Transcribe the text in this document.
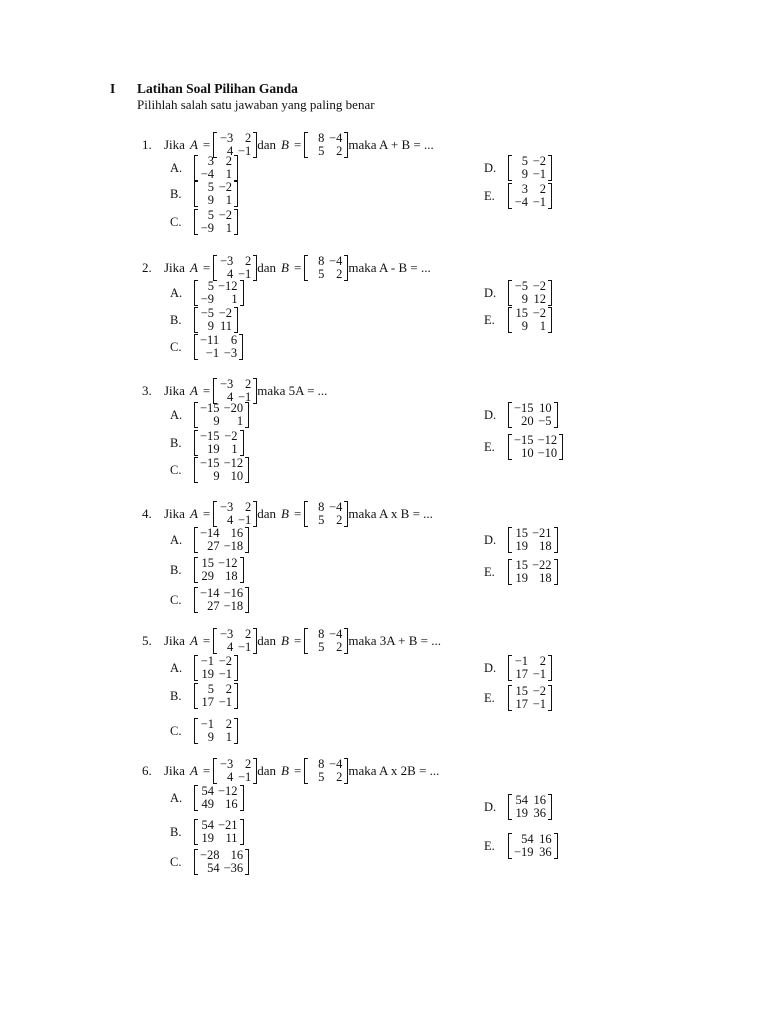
I Latihan Soal Pilihan Ganda
Pilihlah salah satu jawaban yang paling benar
1. Jika A = −3	2
4	−1 dan B = 8	−4
5	2 maka A + B = ...
A.	3	2
−4	1
B.	5	−2
9	1
C.	5	−2
−9	1
D.	5	−2
9	−1
E.	3	2
−4	−1
2. Jika A = −3	2
4	−1 dan B = 8	−4
5	2 maka A - B = ...
A.	5	−12
−9	1
B.	−5	−2
9	11
C.	−11	6
−1	−3
D.	−5	−2
9	12
E.	15	−2
9	1
3. Jika A = −3	2
4	−1 maka 5A = ...
A.	−15	−20
9	1
B.	−15	−2
19	1
C.	−15	−12
9	10
D.	−15	10
20	−5
E.	−15	−12
10	−10
4. Jika A = −3	2
4	−1 dan B = 8	−4
5	2 maka A x B = ...
A.	−14	16
27	−18
B.	15	−12
29	18
C.	−14	−16
27	−18
D.	15	−21
19	18
E.	15	−22
19	18
5. Jika A = −3	2
4	−1 dan B = 8	−4
5	2 maka 3A + B = ...
A.	−1	−2
19	−1
B.	5	2
17	−1
C.	−1	2
9	1
D.	−1	2
17	−1
E.	15	−2
17	−1
6. Jika A = −3	2
4	−1 dan B = 8	−4
5	2 maka A x 2B = ...
A.	54	−12
49	16
B.	54	−21
19	11
C.	−28	16
54	−36
D.	54	16
19	36
E.	54	16
−19	36
